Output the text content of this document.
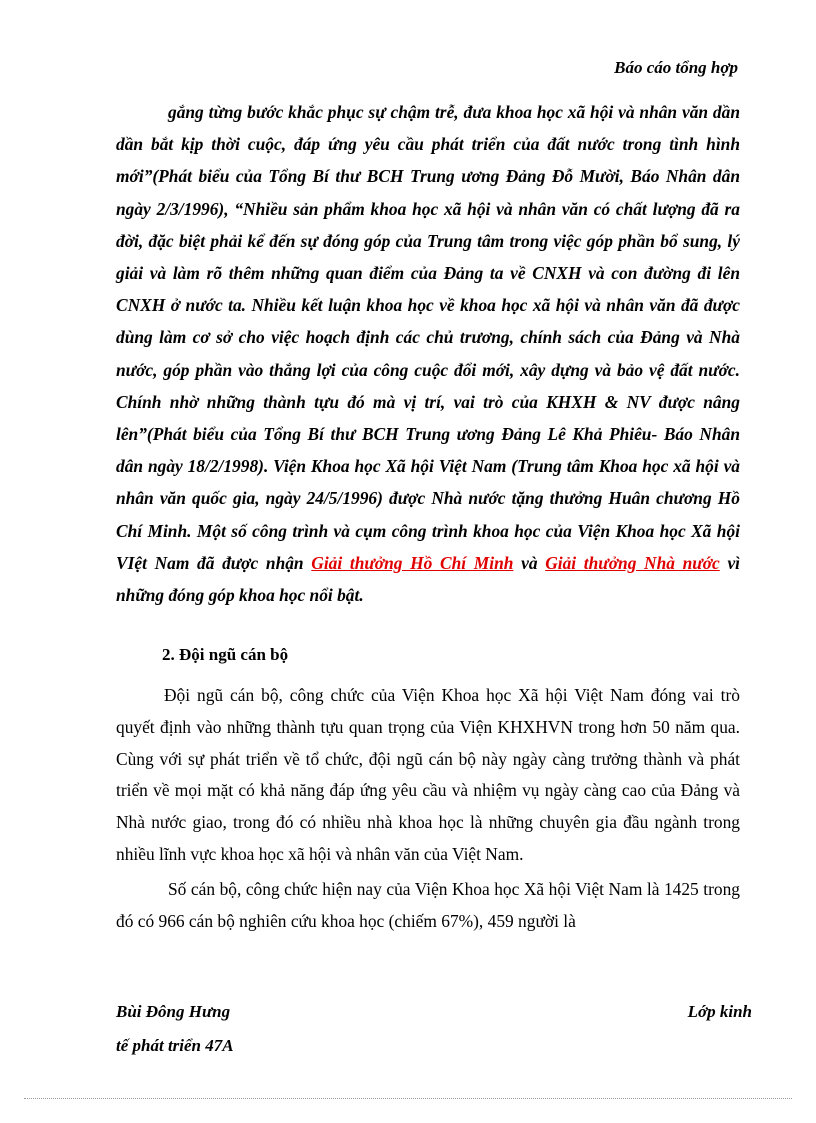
Báo cáo tổng hợp
gắng từng bước khắc phục sự chậm trễ, đưa khoa học xã hội và nhân văn dần dần bắt kịp thời cuộc, đáp ứng yêu cầu phát triển của đất nước trong tình hình mới”(Phát biểu của Tổng Bí thư BCH Trung ương Đảng Đỗ Mười, Báo Nhân dân ngày 2/3/1996), “Nhiều sản phẩm khoa học xã hội và nhân văn có chất lượng đã ra đời, đặc biệt phải kể đến sự đóng góp của Trung tâm trong việc góp phần bổ sung, lý giải và làm rõ thêm những quan điểm của Đảng ta về CNXH và con đường đi lên CNXH ở nước ta. Nhiều kết luận khoa học về khoa học xã hội và nhân văn đã được dùng làm cơ sở cho việc hoạch định các chủ trương, chính sách của Đảng và Nhà nước, góp phần vào thắng lợi của công cuộc đổi mới, xây dựng và bảo vệ đất nước. Chính nhờ những thành tựu đó mà vị trí, vai trò của KHXH & NV được nâng lên”(Phát biểu của Tổng Bí thư BCH Trung ương Đảng Lê Khả Phiêu- Báo Nhân dân ngày 18/2/1998). Viện Khoa học Xã hội Việt Nam (Trung tâm Khoa học xã hội và nhân văn quốc gia, ngày 24/5/1996) được Nhà nước tặng thưởng Huân chương Hồ Chí Minh. Một số công trình và cụm công trình khoa học của Viện Khoa học Xã hội VIệt Nam đã được nhận Giải thưởng Hồ Chí Minh và Giải thưởng Nhà nước vì những đóng góp khoa học nổi bật.
2. Đội ngũ cán bộ

Đội ngũ cán bộ, công chức của Viện Khoa học Xã hội Việt Nam đóng vai trò quyết định vào những thành tựu quan trọng của Viện KHXHVN trong hơn 50 năm qua. Cùng với sự phát triển về tổ chức, đội ngũ cán bộ này ngày càng trưởng thành và phát triển về mọi mặt có khả năng đáp ứng yêu cầu và nhiệm vụ ngày càng cao của Đảng và Nhà nước giao, trong đó có nhiều nhà khoa học là những chuyên gia đầu ngành trong nhiều lĩnh vực khoa học xã hội và nhân văn của Việt Nam.

Số cán bộ, công chức hiện nay của Viện Khoa học Xã hội Việt Nam là 1425 trong đó có 966 cán bộ nghiên cứu khoa học (chiếm 67%), 459 người là

Bùi Đông Hưng	Lớp kinh
tế phát triển 47A
